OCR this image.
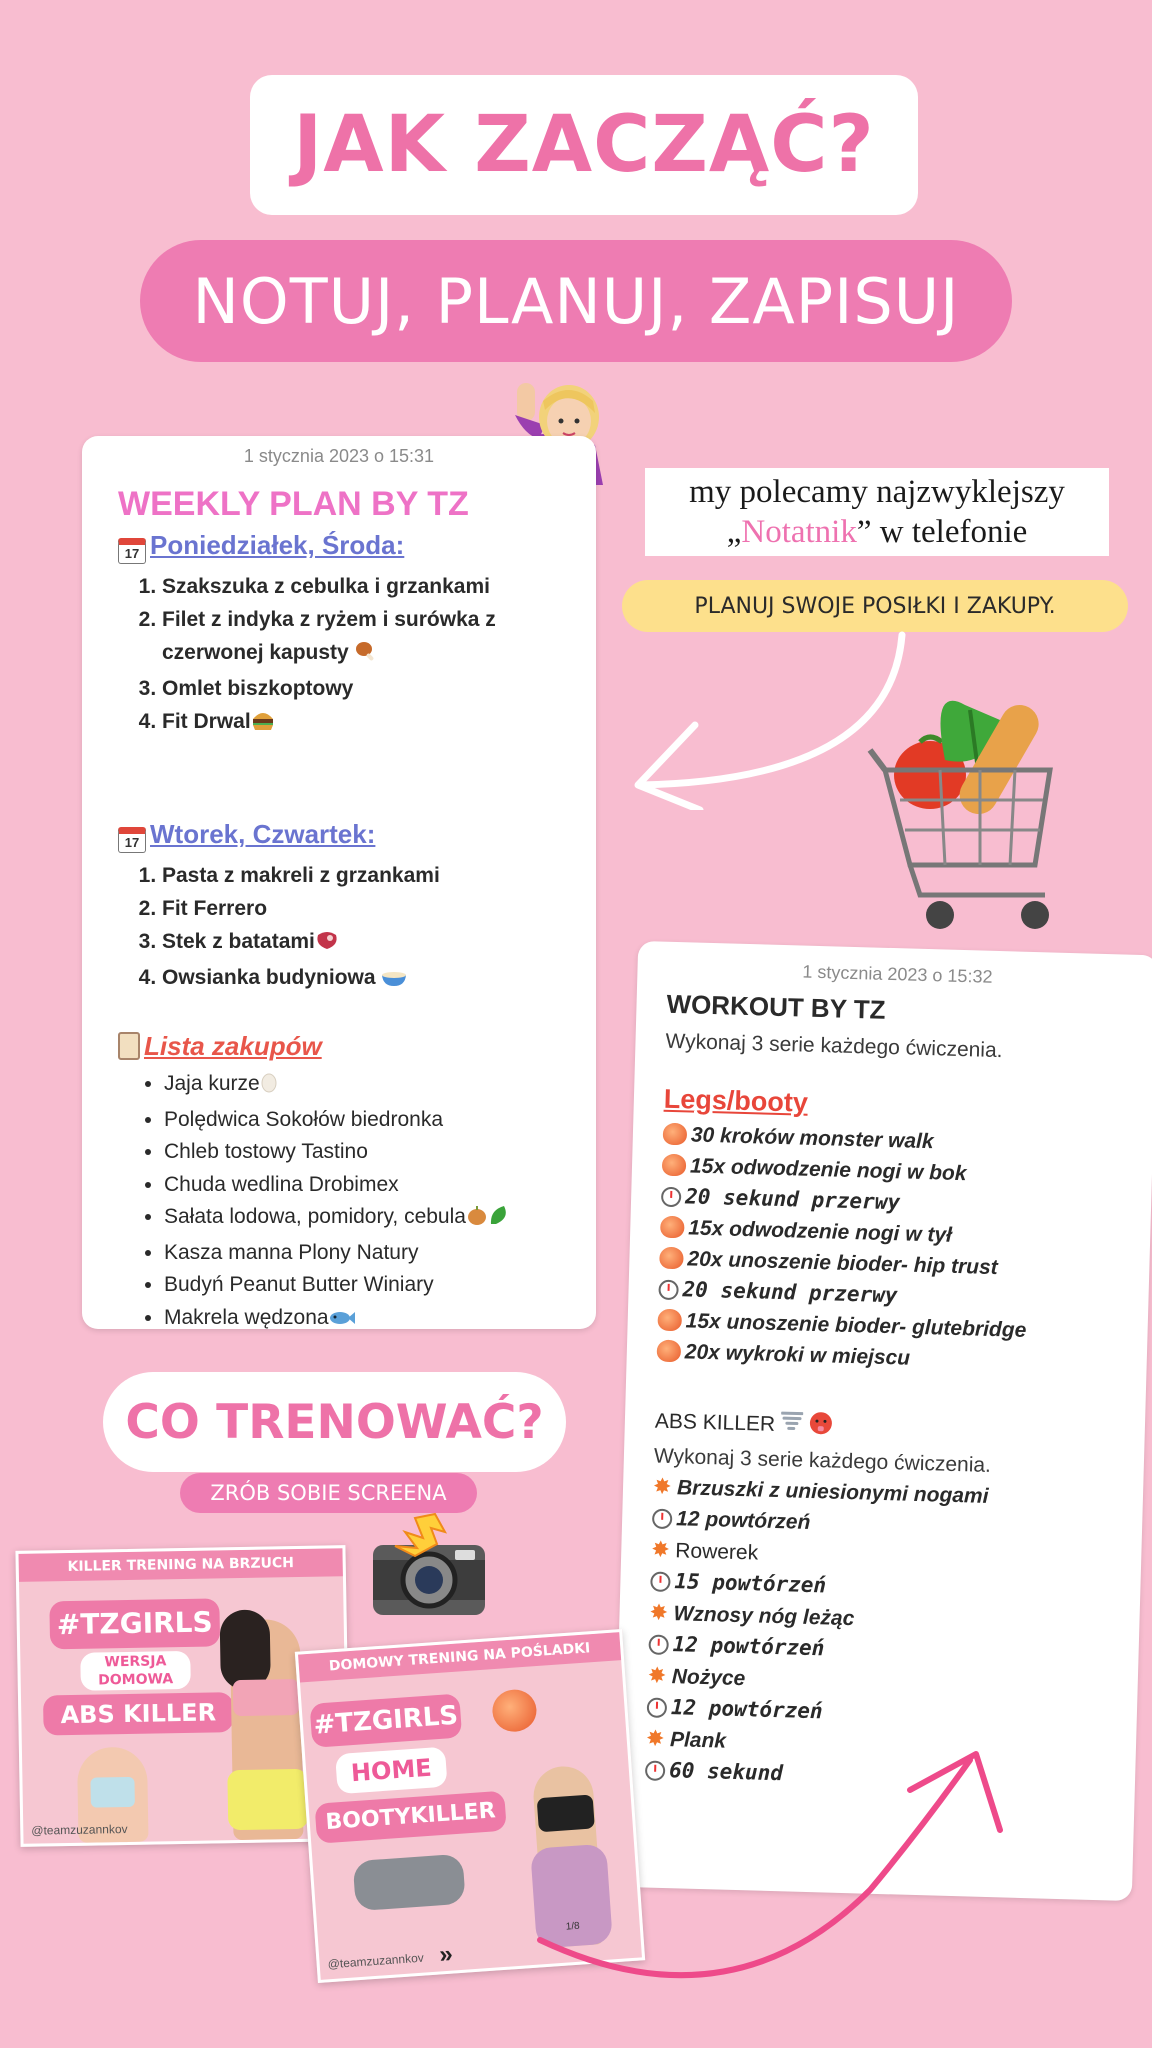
JAK ZACZĄĆ?
NOTUJ, PLANUJ, ZAPISUJ
my polecamy najzwyklejszy
„Notatnik” w telefonie
PLANUJ SWOJE POSIŁKI I ZAKUPY.
1 stycznia 2023 o 15:31
WEEKLY PLAN BY TZ
17 Poniedziałek, Środa:
1. Szakszuka z cebulka i grzankami
2. Filet z indyka z ryżem i surówka z czerwonej kapusty
3. Omlet biszkoptowy
4. Fit Drwal
17 Wtorek, Czwartek:
1. Pasta z makreli z grzankami
2. Fit Ferrero
3. Stek z batatami
4. Owsianka budyniowa
Lista zakupów
• Jaja kurze
• Polędwica Sokołów biedronka
• Chleb tostowy Tastino
• Chuda wedlina Drobimex
• Sałata lodowa, pomidory, cebula
• Kasza manna Plony Natury
• Budyń Peanut Butter Winiary
• Makrela wędzona
1 stycznia 2023 o 15:32
WORKOUT BY TZ
Wykonaj 3 serie każdego ćwiczenia.
Legs/booty
30 kroków monster walk
15x odwodzenie nogi w bok
20 sekund przerwy
15x odwodzenie nogi w tył
20x unoszenie bioder- hip trust
20 sekund przerwy
15x unoszenie bioder- glutebridge
20x wykroki w miejscu
ABS KILLER
Wykonaj 3 serie każdego ćwiczenia.
✸ Brzuszki z uniesionymi nogami
12 powtórzeń
✸ Rowerek
15 powtórzeń
✸ Wznosy nóg leżąc
12 powtórzeń
✸ Nożyce
12 powtórzeń
✸ Plank
60 sekund
CO TRENOWAĆ?
ZRÓB SOBIE SCREENA
KILLER TRENING NA BRZUCH
#TZGIRLS
WERSJA DOMOWA
ABS KILLER
@teamzuzannkov
DOMOWY TRENING NA POŚLADKI
#TZGIRLS
HOME
BOOTYKILLER
@teamzuzannkov »
1/8
